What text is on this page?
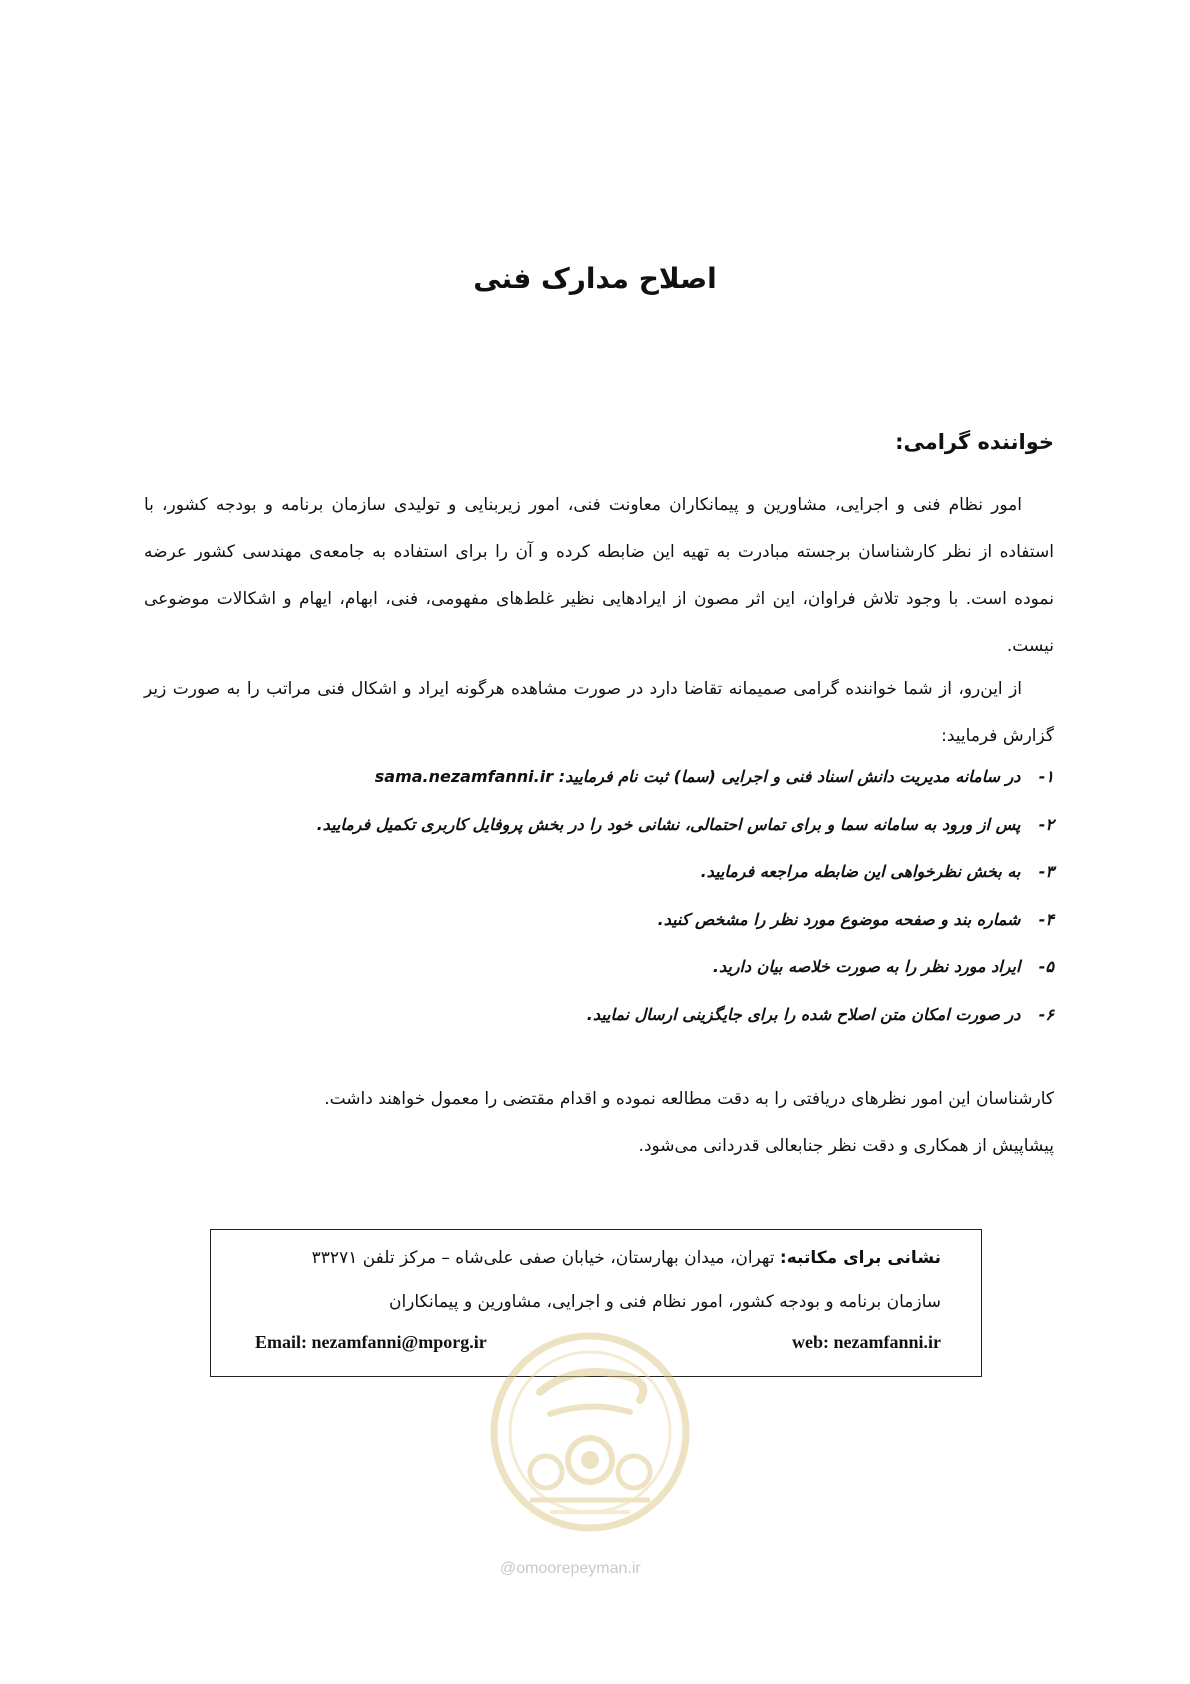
اصلاح مدارک فنی
خواننده گرامی:

امور نظام فنی و اجرایی، مشاورین و پیمانکاران معاونت فنی، امور زیربنایی و تولیدی سازمان برنامه و بودجه کشور، با استفاده از نظر کارشناسان برجسته مبادرت به تهیه این ضابطه کرده و آن را برای استفاده به جامعه‌ی مهندسی کشور عرضه نموده است. با وجود تلاش فراوان، این اثر مصون از ایرادهایی نظیر غلط‌های مفهومی، فنی، ابهام، ایهام و اشکالات موضوعی نیست.

از این‌رو، از شما خواننده گرامی صمیمانه تقاضا دارد در صورت مشاهده هرگونه ایراد و اشکال فنی مراتب را به صورت زیر گزارش فرمایید:

۱- در سامانه مدیریت دانش اسناد فنی و اجرایی (سما) ثبت نام فرمایید: sama.nezamfanni.ir
۲- پس از ورود به سامانه سما و برای تماس احتمالی، نشانی خود را در بخش پروفایل کاربری تکمیل فرمایید.
۳- به بخش نظرخواهی این ضابطه مراجعه فرمایید.
۴- شماره بند و صفحه موضوع مورد نظر را مشخص کنید.
۵- ایراد مورد نظر را به صورت خلاصه بیان دارید.
۶- در صورت امکان متن اصلاح شده را برای جایگزینی ارسال نمایید.

کارشناسان این امور نظرهای دریافتی را به دقت مطالعه نموده و اقدام مقتضی را معمول خواهند داشت.

پیشاپیش از همکاری و دقت نظر جنابعالی قدردانی می‌شود.

نشانی برای مکاتبه: تهران، میدان بهارستان، خیابان صفی علی‌شاه – مرکز تلفن ۳۳۲۷۱
سازمان برنامه و بودجه کشور، امور نظام فنی و اجرایی، مشاورین و پیمانکاران
Email: nezamfanni@mporg.ir	web: nezamfanni.ir
@omoorepeyman.ir
